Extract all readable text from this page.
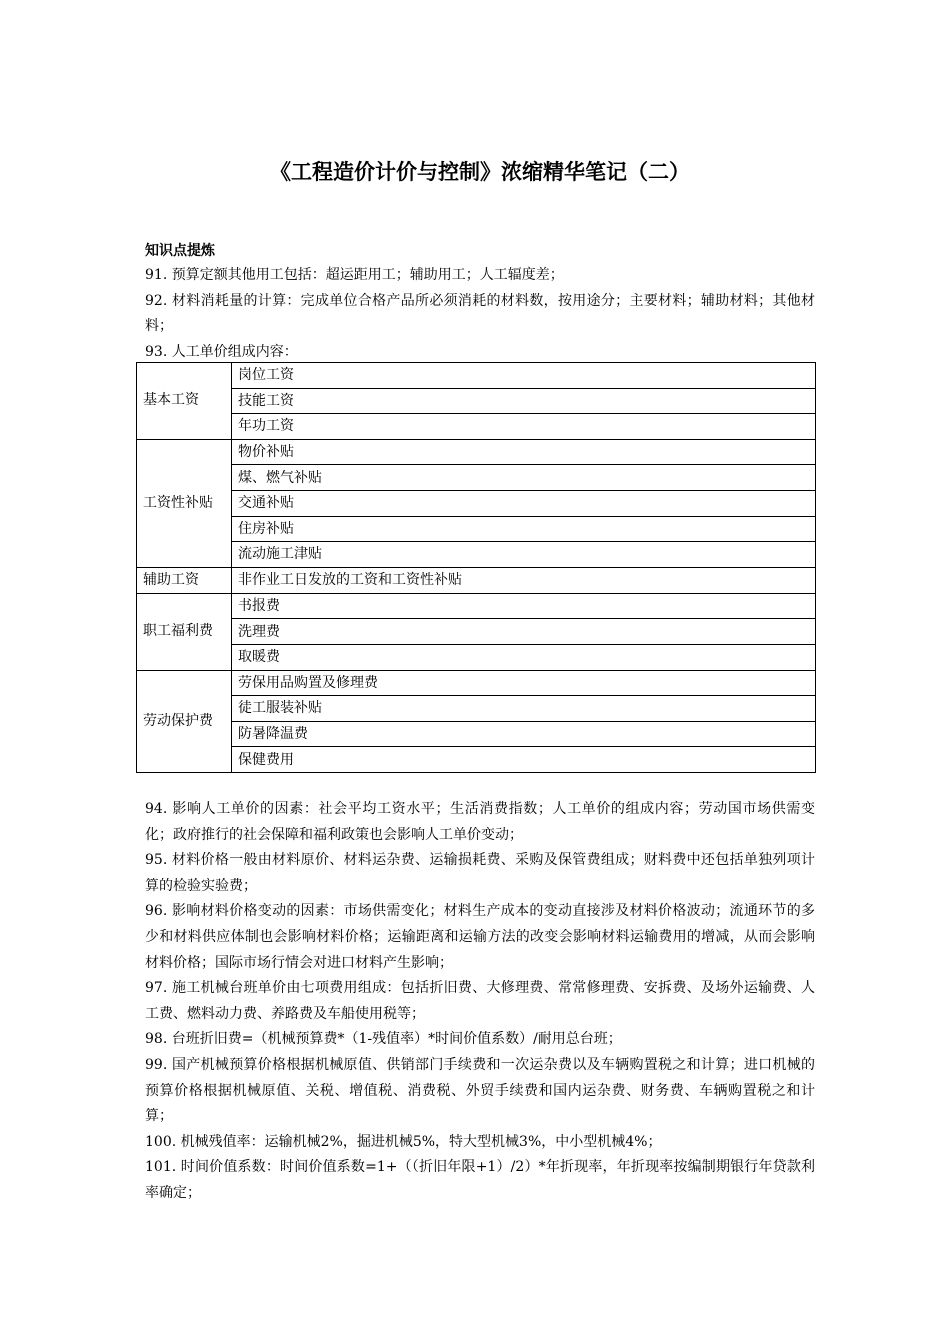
《工程造价计价与控制》浓缩精华笔记（二）
知识点提炼

91. 预算定额其他用工包括：超运距用工；辅助用工；人工辐度差；

92. 材料消耗量的计算：完成单位合格产品所必须消耗的材料数，按用途分；主要材料；辅助材料；其他材料；

93. 人工单价组成内容：

基本工资	岗位工资
	技能工资
	年功工资
工资性补贴	物价补贴
	煤、燃气补贴
	交通补贴
	住房补贴
	流动施工津贴
辅助工资	非作业工日发放的工资和工资性补贴
职工福利费	书报费
	洗理费
	取暖费
劳动保护费	劳保用品购置及修理费
	徒工服装补贴
	防暑降温费
	保健费用

94. 影响人工单价的因素：社会平均工资水平；生活消费指数；人工单价的组成内容；劳动国市场供需变化；政府推行的社会保障和福利政策也会影响人工单价变动；

95. 材料价格一般由材料原价、材料运杂费、运输损耗费、采购及保管费组成；财料费中还包括单独列项计算的检验实验费；

96. 影响材料价格变动的因素：市场供需变化；材料生产成本的变动直接涉及材料价格波动；流通环节的多少和材料供应体制也会影响材料价格；运输距离和运输方法的改变会影响材料运输费用的增减，从而会影响材料价格；国际市场行情会对进口材料产生影响；

97. 施工机械台班单价由七项费用组成：包括折旧费、大修理费、常常修理费、安拆费、及场外运输费、人工费、燃料动力费、养路费及车船使用税等；

98. 台班折旧费=（机械预算费*（1-残值率）*时间价值系数）/耐用总台班；

99. 国产机械预算价格根据机械原值、供销部门手续费和一次运杂费以及车辆购置税之和计算；进口机械的预算价格根据机械原值、关税、增值税、消费税、外贸手续费和国内运杂费、财务费、车辆购置税之和计算；

100. 机械残值率：运输机械2%，掘进机械5%，特大型机械3%，中小型机械4%；

101. 时间价值系数：时间价值系数=1+（（折旧年限+1）/2）*年折现率，年折现率按编制期银行年贷款利率确定；
